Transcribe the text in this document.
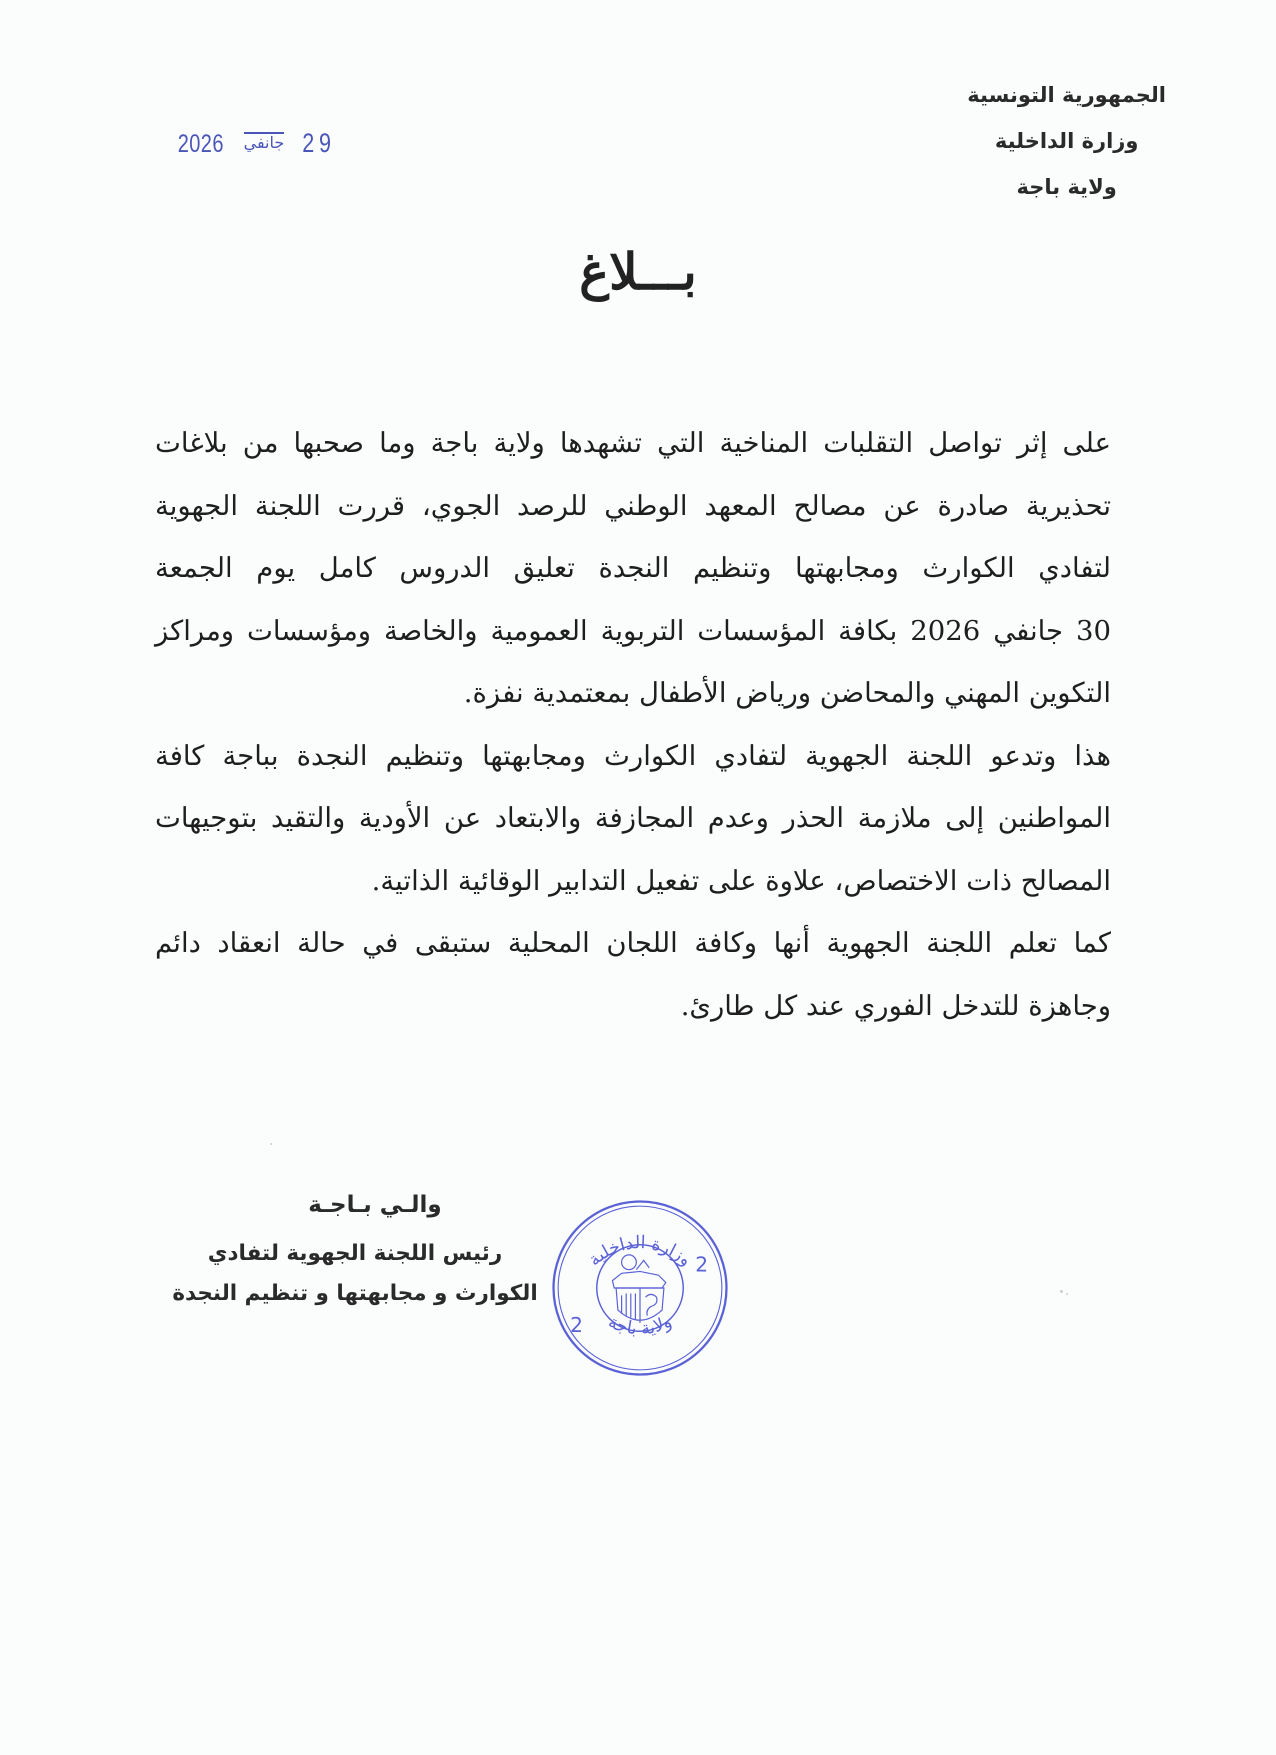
الجمهورية التونسية
وزارة الداخلية
ولاية باجة
2026 جانفي 29
بـــلاغ
على إثر تواصل التقلبات المناخية التي تشهدها ولاية باجة وما صحبها من بلاغات
تحذيرية صادرة عن مصالح المعهد الوطني للرصد الجوي، قررت اللجنة الجهوية
لتفادي الكوارث ومجابهتها وتنظيم النجدة تعليق الدروس كامل يوم الجمعة
30 جانفي 2026 بكافة المؤسسات التربوية العمومية والخاصة ومؤسسات ومراكز
التكوين المهني والمحاضن ورياض الأطفال بمعتمدية نفزة.
هذا وتدعو اللجنة الجهوية لتفادي الكوارث ومجابهتها وتنظيم النجدة بباجة كافة
المواطنين إلى ملازمة الحذر وعدم المجازفة والابتعاد عن الأودية والتقيد بتوجيهات
المصالح ذات الاختصاص، علاوة على تفعيل التدابير الوقائية الذاتية.
كما تعلم اللجنة الجهوية أنها وكافة اللجان المحلية ستبقى في حالة انعقاد دائم
وجاهزة للتدخل الفوري عند كل طارئ.
والـي بـاجـة
رئيس اللجنة الجهوية لتفادي
الكوارث و مجابهتها و تنظيم النجدة
وزارة الداخلية
ولاية باجة
2
2
